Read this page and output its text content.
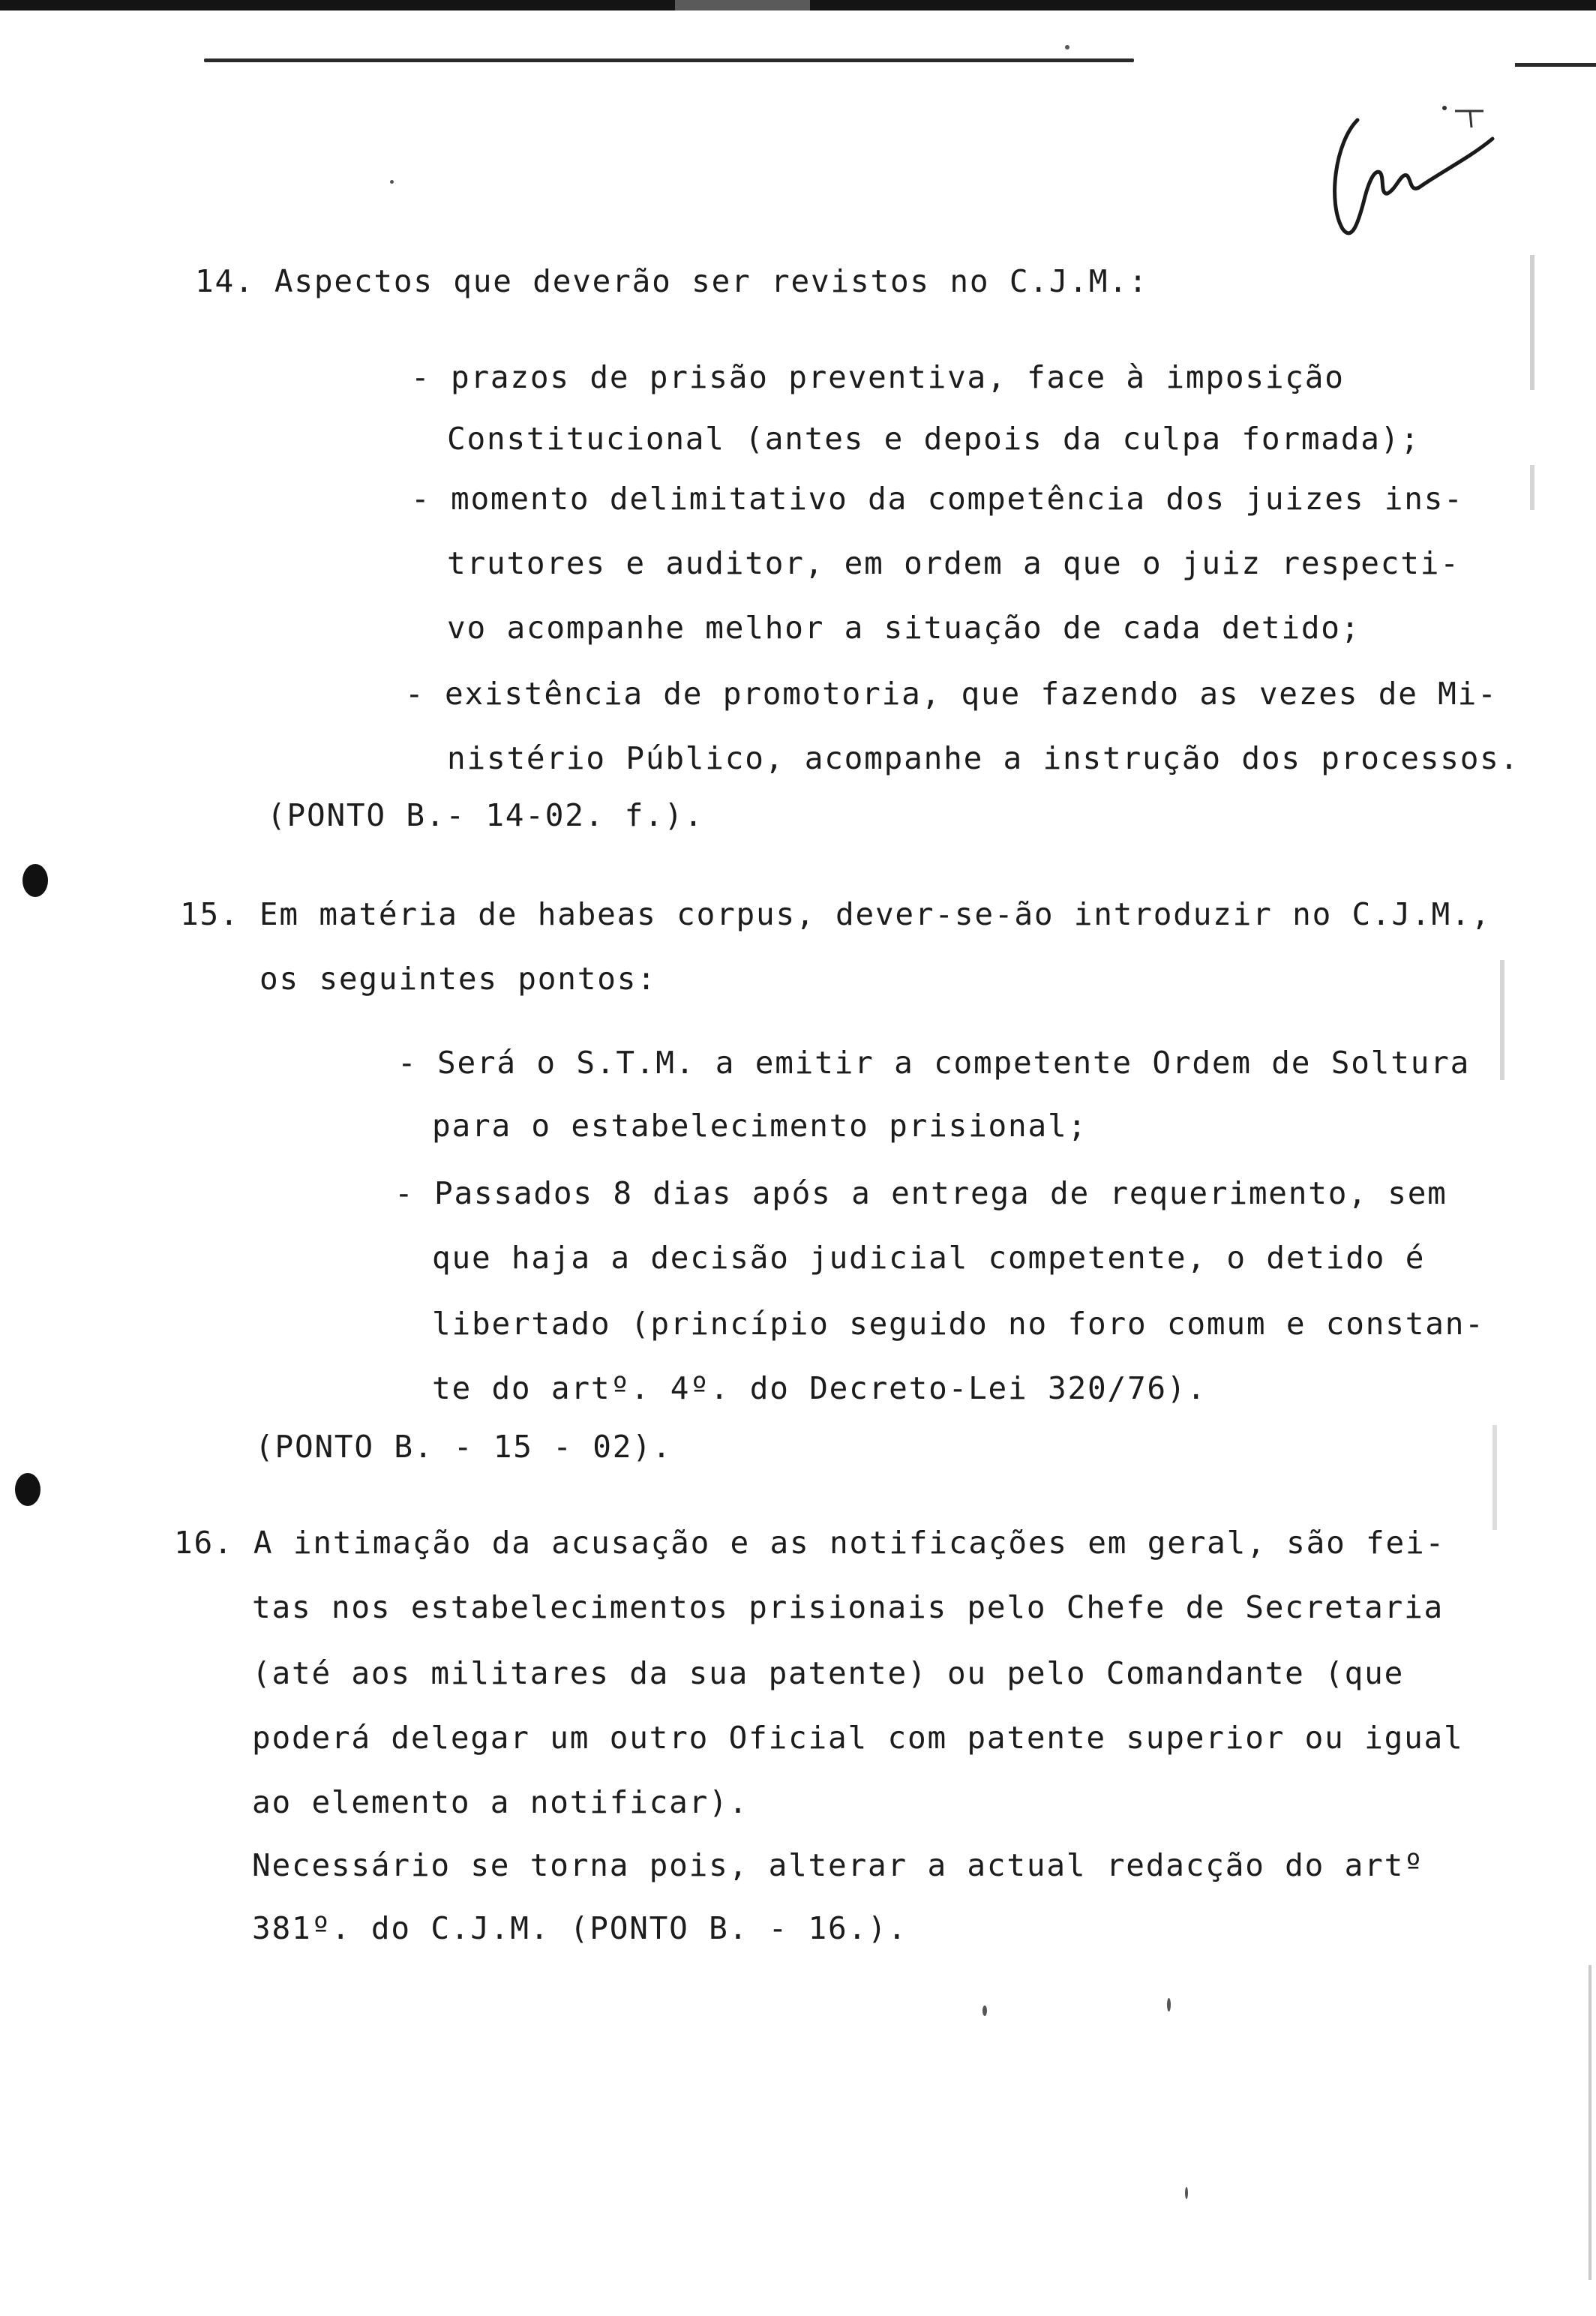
14. Aspectos que deverão ser revistos no C.J.M.:
- prazos de prisão preventiva, face à imposição
Constitucional (antes e depois da culpa formada);
- momento delimitativo da competência dos juizes ins-
trutores e auditor, em ordem a que o juiz respecti-
vo acompanhe melhor a situação de cada detido;
- existência de promotoria, que fazendo as vezes de Mi-
nistério Público, acompanhe a instrução dos processos.
(PONTO B.- 14-02. f.).
15. Em matéria de habeas corpus, dever-se-ão introduzir no C.J.M.,
os seguintes pontos:
- Será o S.T.M. a emitir a competente Ordem de Soltura
para o estabelecimento prisional;
- Passados 8 dias após a entrega de requerimento, sem
que haja a decisão judicial competente, o detido é
libertado (princípio seguido no foro comum e constan-
te do artº. 4º. do Decreto-Lei 320/76).
(PONTO B. - 15 - 02).
16. A intimação da acusação e as notificações em geral, são fei-
tas nos estabelecimentos prisionais pelo Chefe de Secretaria
(até aos militares da sua patente) ou pelo Comandante (que
poderá delegar um outro Oficial com patente superior ou igual
ao elemento a notificar).
Necessário se torna pois, alterar a actual redacção do artº
381º. do C.J.M. (PONTO B. - 16.).
